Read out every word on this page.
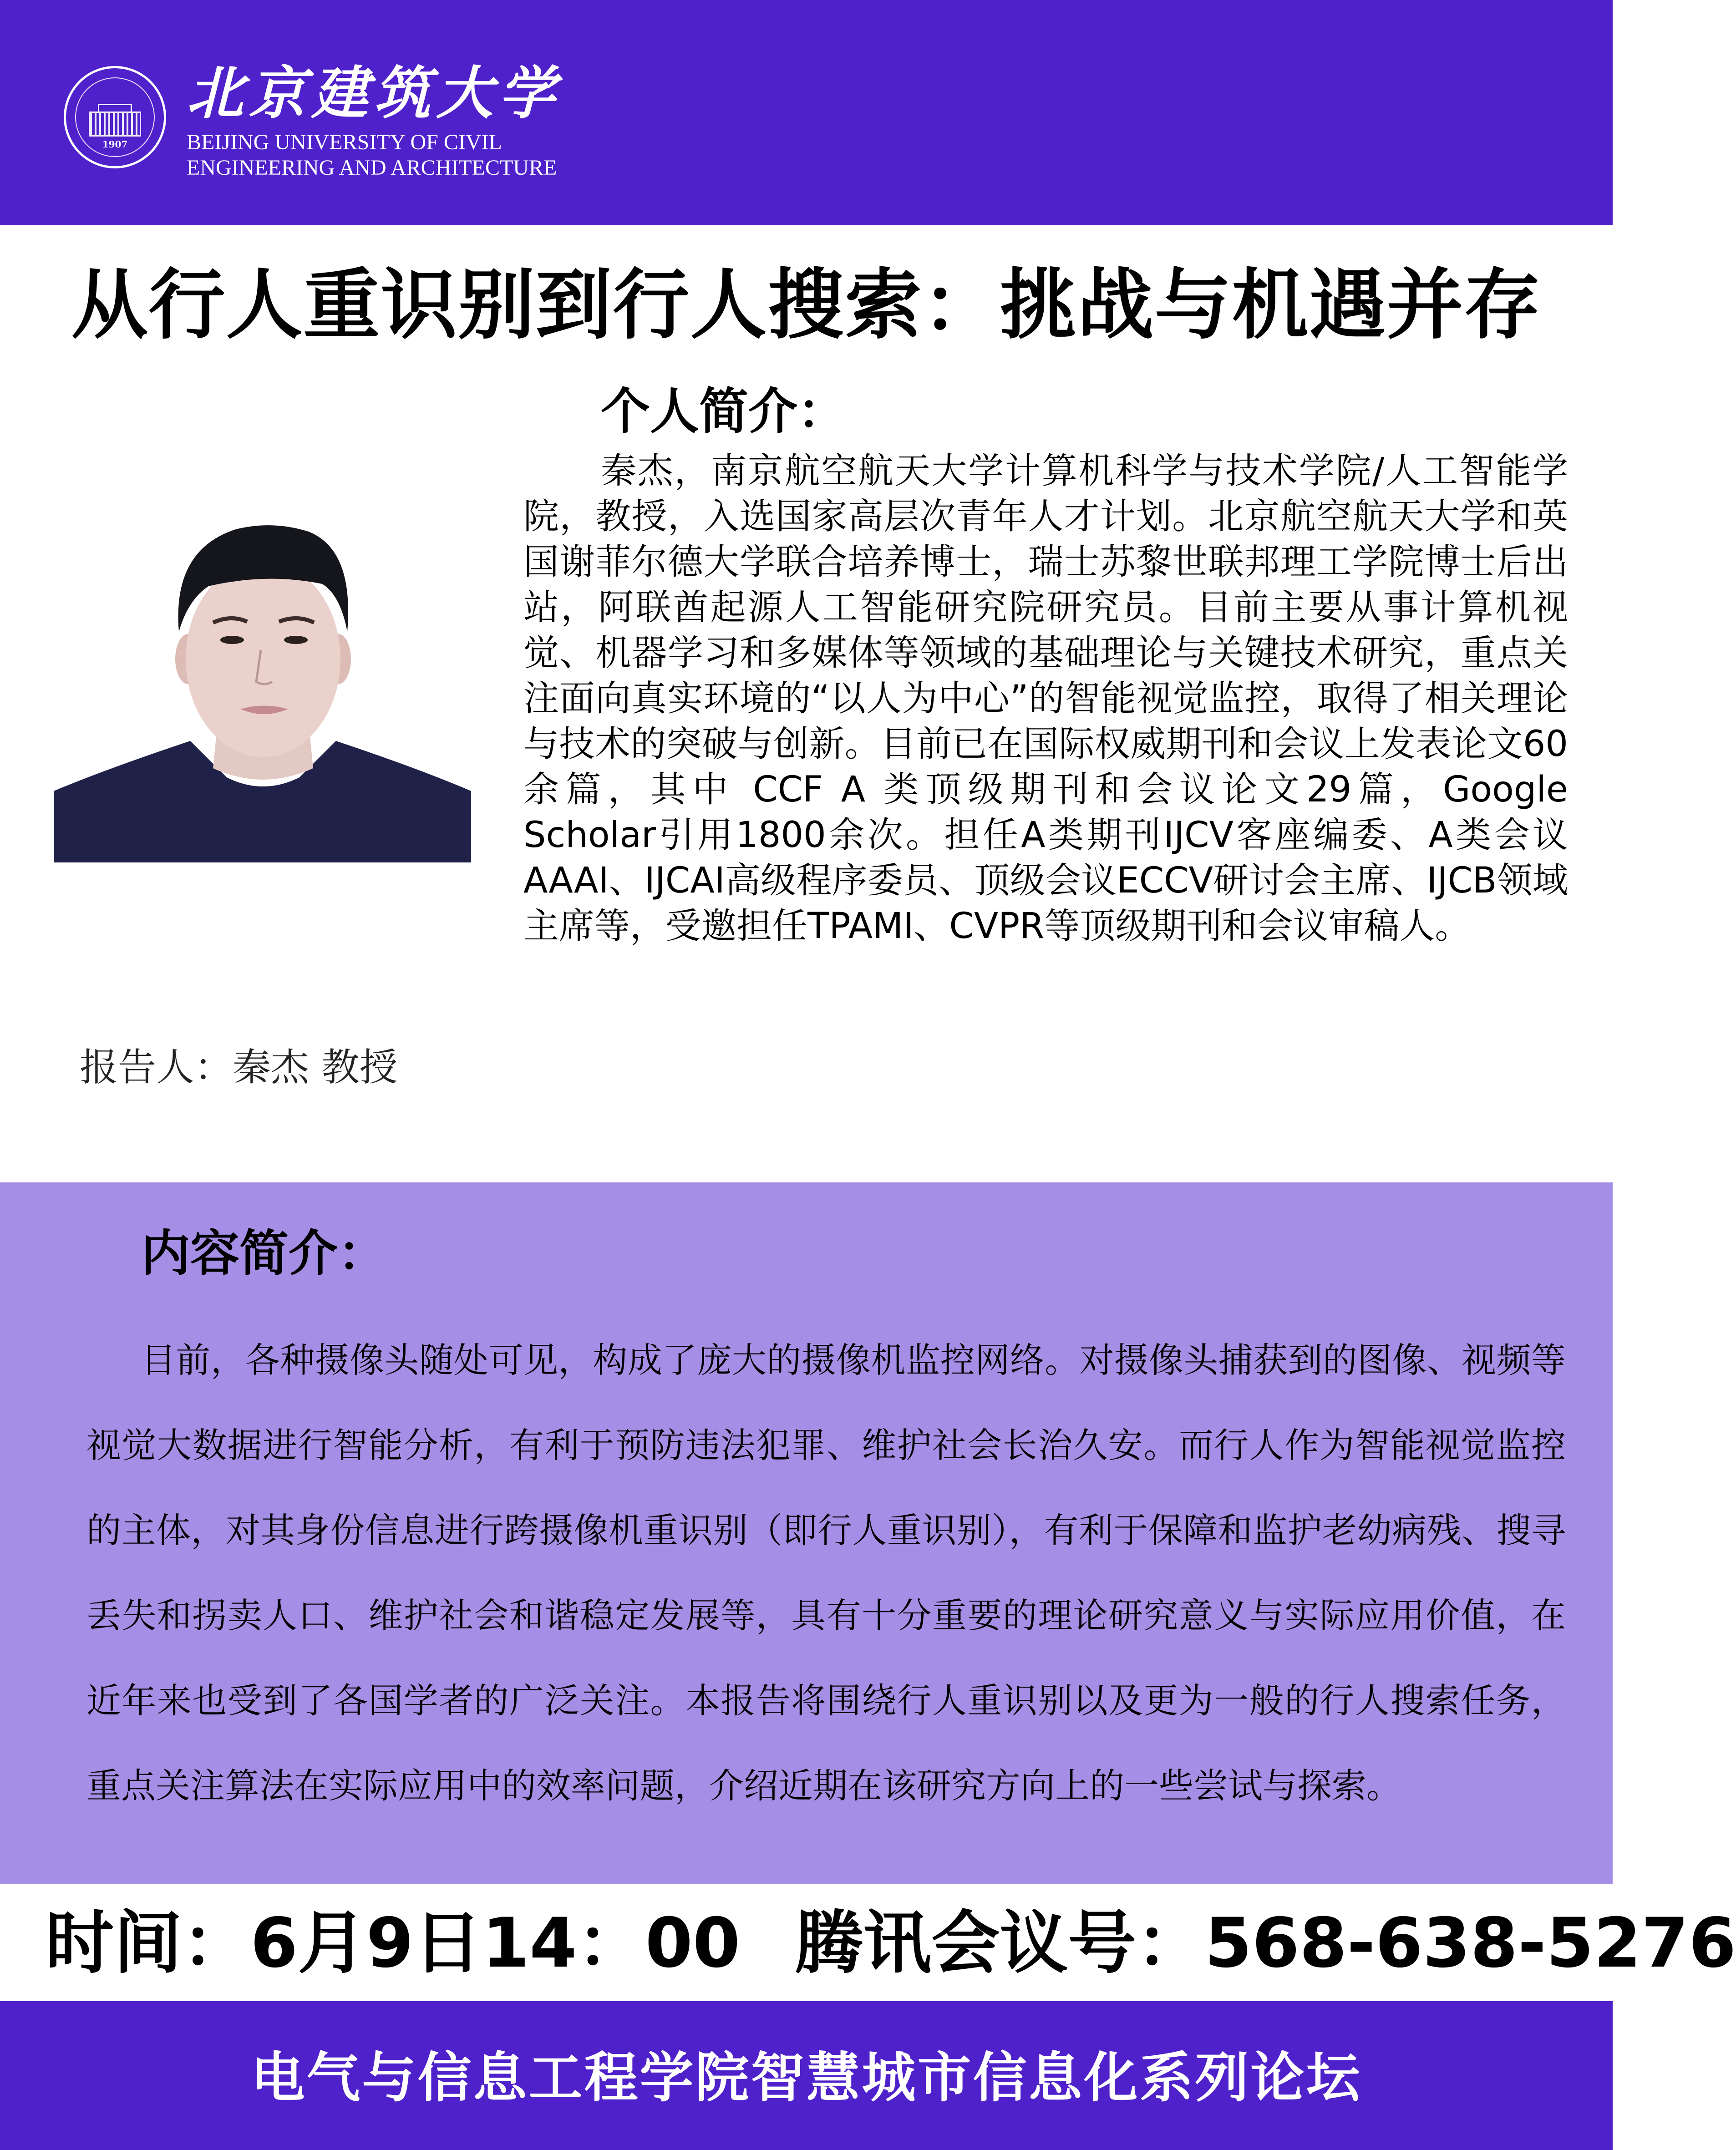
1907
北京建筑大学
BEIJING UNIVERSITY OF CIVIL
ENGINEERING AND ARCHITECTURE
从行人重识别到行人搜索：挑战与机遇并存
个人简介：

秦杰，南京航空航天大学计算机科学与技术学院/人工智能学院，教授，入选国家高层次青年人才计划。北京航空航天大学和英国谢菲尔德大学联合培养博士，瑞士苏黎世联邦理工学院博士后出站，阿联酋起源人工智能研究院研究员。目前主要从事计算机视觉、机器学习和多媒体等领域的基础理论与关键技术研究，重点关注面向真实环境的“以人为中心”的智能视觉监控，取得了相关理论与技术的突破与创新。目前已在国际权威期刊和会议上发表论文60余篇，其中 CCF A 类顶级期刊和会议论文29篇，Google Scholar引用1800余次。担任A类期刊IJCV客座编委、A类会议AAAI、IJCAI高级程序委员、顶级会议ECCV研讨会主席、IJCB领域主席等，受邀担任TPAMI、CVPR等顶级期刊和会议审稿人。

报告人：秦杰 教授
内容简介：

目前，各种摄像头随处可见，构成了庞大的摄像机监控网络。对摄像头捕获到的图像、视频等视觉大数据进行智能分析，有利于预防违法犯罪、维护社会长治久安。而行人作为智能视觉监控的主体，对其身份信息进行跨摄像机重识别（即行人重识别），有利于保障和监护老幼病残、搜寻丢失和拐卖人口、维护社会和谐稳定发展等，具有十分重要的理论研究意义与实际应用价值，在近年来也受到了各国学者的广泛关注。本报告将围绕行人重识别以及更为一般的行人搜索任务，重点关注算法在实际应用中的效率问题，介绍近期在该研究方向上的一些尝试与探索。

时间：6月9日14：00 腾讯会议号：568-638-5276
电气与信息工程学院智慧城市信息化系列论坛
